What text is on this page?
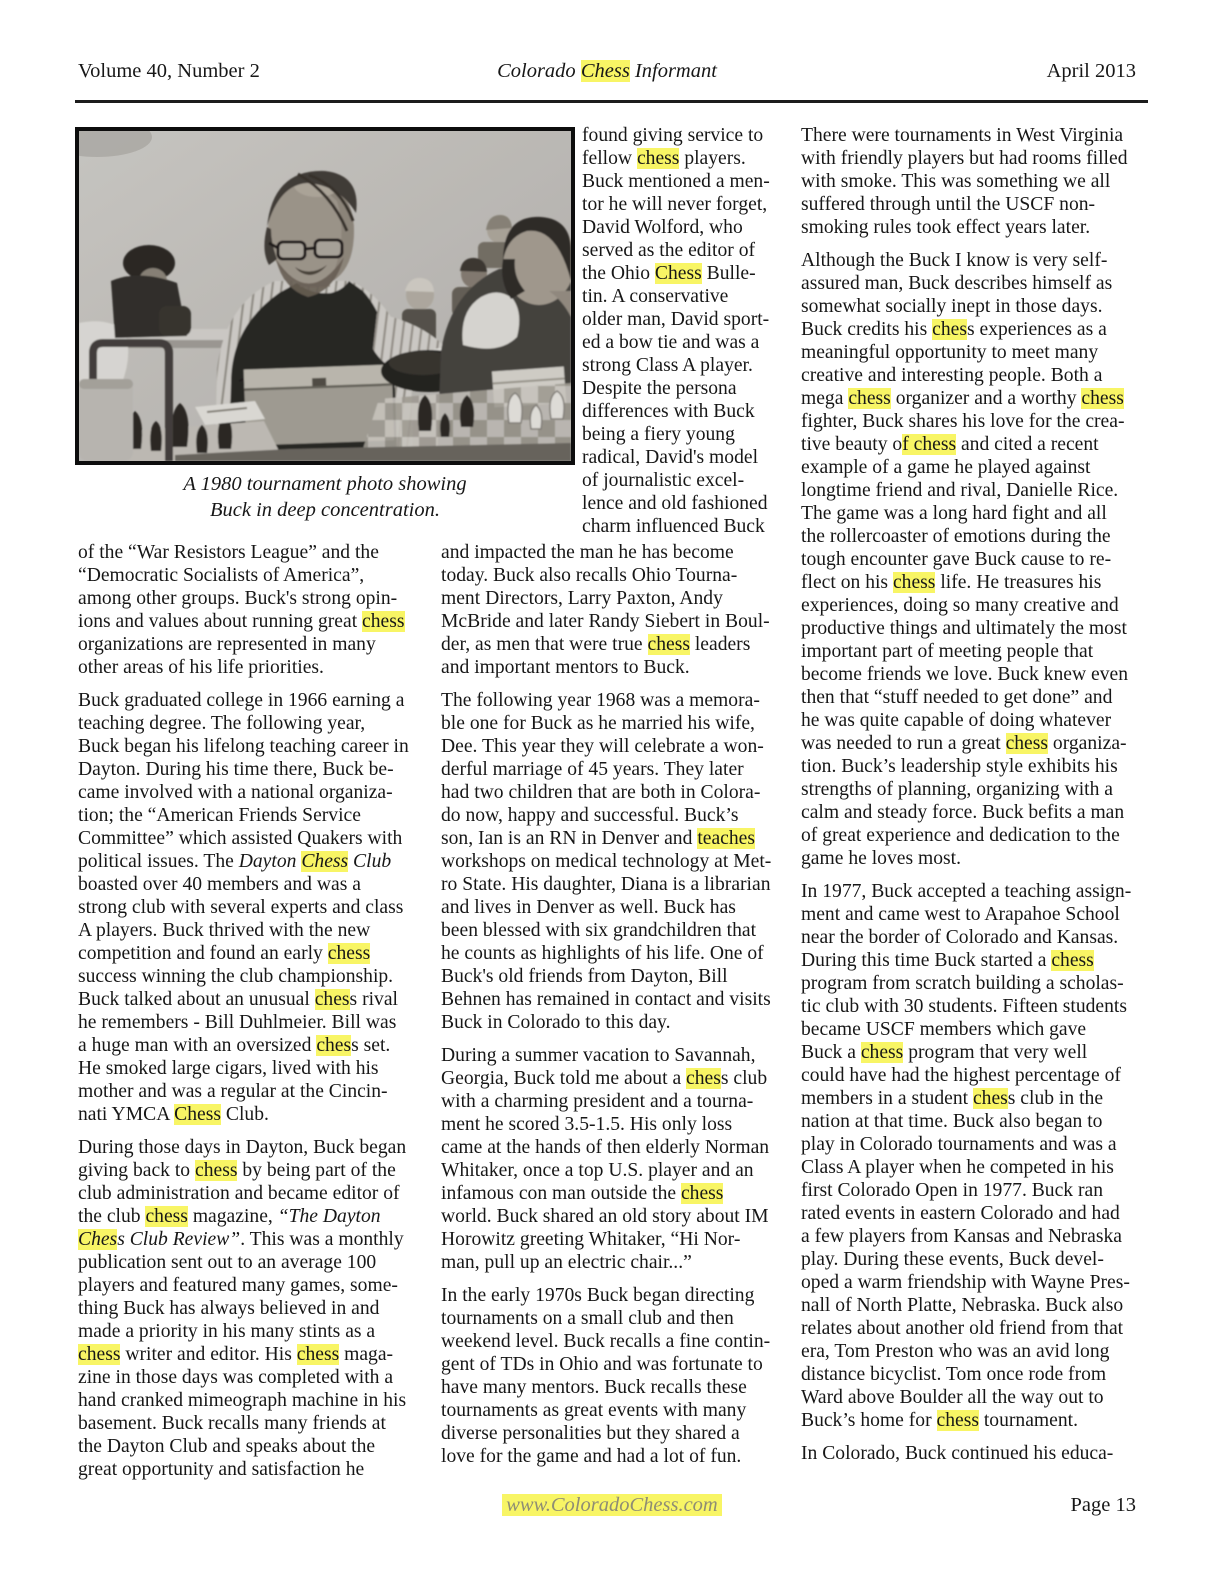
Volume 40, Number 2	Colorado Chess Informant	April 2013
A 1980 tournament photo showing
Buck in deep concentration.

of the “War Resistors League” and the
“Democratic Socialists of America”,
among other groups. Buck's strong opin-
ions and values about running great chess
organizations are represented in many
other areas of his life priorities.

Buck graduated college in 1966 earning a
teaching degree. The following year,
Buck began his lifelong teaching career in
Dayton. During his time there, Buck be-
came involved with a national organiza-
tion; the “American Friends Service
Committee” which assisted Quakers with
political issues. The Dayton Chess Club
boasted over 40 members and was a
strong club with several experts and class
A players. Buck thrived with the new
competition and found an early chess
success winning the club championship.
Buck talked about an unusual chess rival
he remembers - Bill Duhlmeier. Bill was
a huge man with an oversized chess set.
He smoked large cigars, lived with his
mother and was a regular at the Cincin-
nati YMCA Chess Club.

During those days in Dayton, Buck began
giving back to chess by being part of the
club administration and became editor of
the club chess magazine, “The Dayton
Chess Club Review”. This was a monthly
publication sent out to an average 100
players and featured many games, some-
thing Buck has always believed in and
made a priority in his many stints as a
chess writer and editor. His chess maga-
zine in those days was completed with a
hand cranked mimeograph machine in his
basement. Buck recalls many friends at
the Dayton Club and speaks about the
great opportunity and satisfaction he

found giving service to
fellow chess players.
Buck mentioned a men-
tor he will never forget,
David Wolford, who
served as the editor of
the Ohio Chess Bulle-
tin. A conservative
older man, David sport-
ed a bow tie and was a
strong Class A player.
Despite the persona
differences with Buck
being a fiery young
radical, David's model
of journalistic excel-
lence and old fashioned
charm influenced Buck

and impacted the man he has become
today. Buck also recalls Ohio Tourna-
ment Directors, Larry Paxton, Andy
McBride and later Randy Siebert in Boul-
der, as men that were true chess leaders
and important mentors to Buck.

The following year 1968 was a memora-
ble one for Buck as he married his wife,
Dee. This year they will celebrate a won-
derful marriage of 45 years. They later
had two children that are both in Colora-
do now, happy and successful. Buck’s
son, Ian is an RN in Denver and teaches
workshops on medical technology at Met-
ro State. His daughter, Diana is a librarian
and lives in Denver as well. Buck has
been blessed with six grandchildren that
he counts as highlights of his life. One of
Buck's old friends from Dayton, Bill
Behnen has remained in contact and visits
Buck in Colorado to this day.

During a summer vacation to Savannah,
Georgia, Buck told me about a chess club
with a charming president and a tourna-
ment he scored 3.5-1.5. His only loss
came at the hands of then elderly Norman
Whitaker, once a top U.S. player and an
infamous con man outside the chess
world. Buck shared an old story about IM
Horowitz greeting Whitaker, “Hi Nor-
man, pull up an electric chair...”

In the early 1970s Buck began directing
tournaments on a small club and then
weekend level. Buck recalls a fine contin-
gent of TDs in Ohio and was fortunate to
have many mentors. Buck recalls these
tournaments as great events with many
diverse personalities but they shared a
love for the game and had a lot of fun.

There were tournaments in West Virginia
with friendly players but had rooms filled
with smoke. This was something we all
suffered through until the USCF non-
smoking rules took effect years later.

Although the Buck I know is very self-
assured man, Buck describes himself as
somewhat socially inept in those days.
Buck credits his chess experiences as a
meaningful opportunity to meet many
creative and interesting people. Both a
mega chess organizer and a worthy chess
fighter, Buck shares his love for the crea-
tive beauty of chess and cited a recent
example of a game he played against
longtime friend and rival, Danielle Rice.
The game was a long hard fight and all
the rollercoaster of emotions during the
tough encounter gave Buck cause to re-
flect on his chess life. He treasures his
experiences, doing so many creative and
productive things and ultimately the most
important part of meeting people that
become friends we love. Buck knew even
then that “stuff needed to get done” and
he was quite capable of doing whatever
was needed to run a great chess organiza-
tion. Buck’s leadership style exhibits his
strengths of planning, organizing with a
calm and steady force. Buck befits a man
of great experience and dedication to the
game he loves most.

In 1977, Buck accepted a teaching assign-
ment and came west to Arapahoe School
near the border of Colorado and Kansas.
During this time Buck started a chess
program from scratch building a scholas-
tic club with 30 students. Fifteen students
became USCF members which gave
Buck a chess program that very well
could have had the highest percentage of
members in a student chess club in the
nation at that time. Buck also began to
play in Colorado tournaments and was a
Class A player when he competed in his
first Colorado Open in 1977. Buck ran
rated events in eastern Colorado and had
a few players from Kansas and Nebraska
play. During these events, Buck devel-
oped a warm friendship with Wayne Pres-
nall of North Platte, Nebraska. Buck also
relates about another old friend from that
era, Tom Preston who was an avid long
distance bicyclist. Tom once rode from
Ward above Boulder all the way out to
Buck’s home for chess tournament.

In Colorado, Buck continued his educa-

www.ColoradoChess.com	Page 13
